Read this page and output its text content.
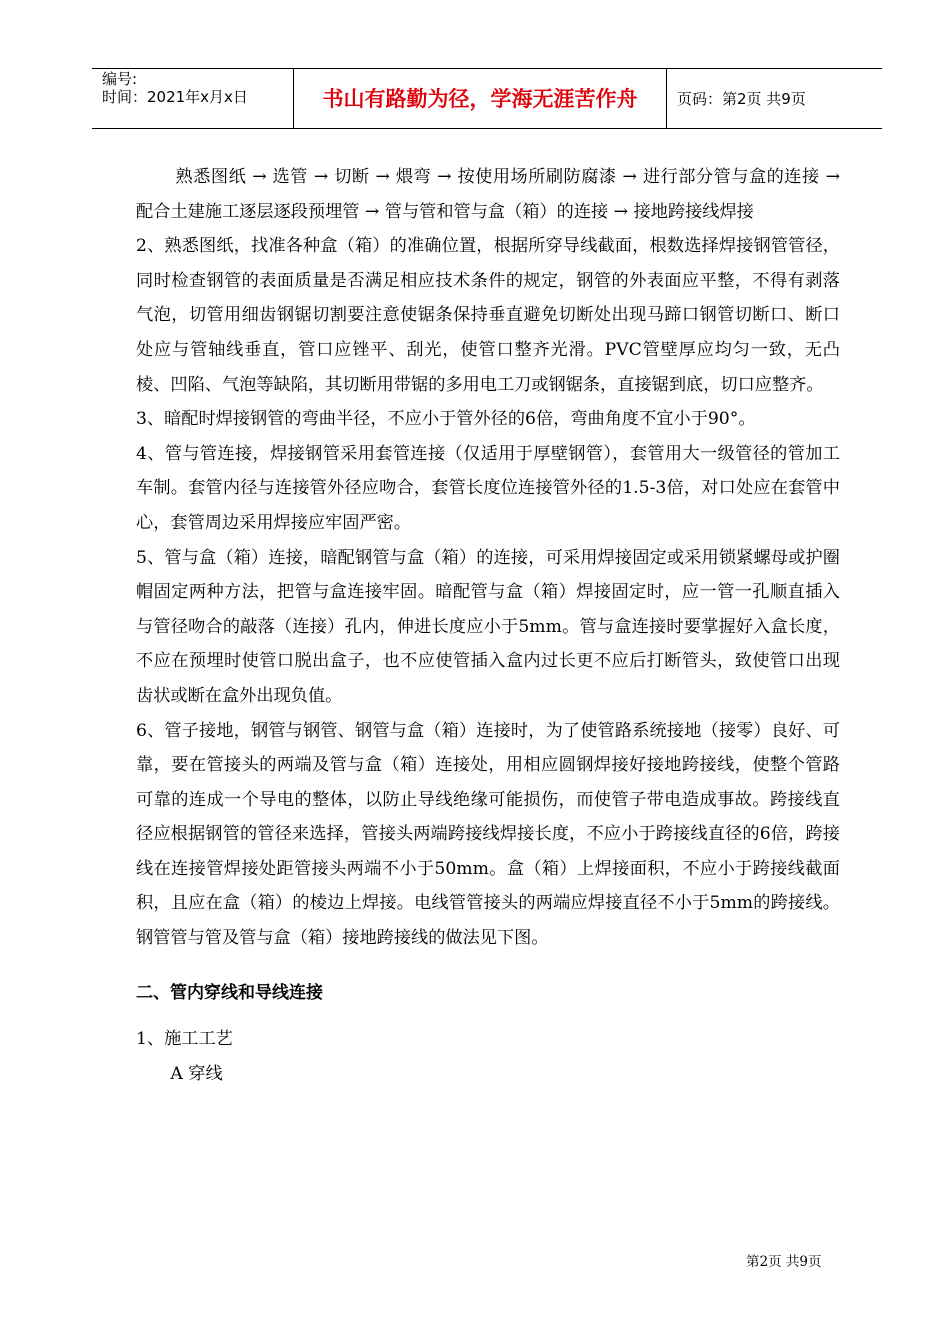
编号:
时间：2021年x月x日	书山有路勤为径，学海无涯苦作舟	页码：第2页 共9页

熟悉图纸 → 选管 → 切断 → 煨弯 → 按使用场所刷防腐漆 → 进行部分管与盒的连接 → 配合土建施工逐层逐段预埋管 → 管与管和管与盒（箱）的连接 → 接地跨接线焊接

2、熟悉图纸，找准各种盒（箱）的准确位置，根据所穿导线截面，根数选择焊接钢管管径，同时检查钢管的表面质量是否满足相应技术条件的规定，钢管的外表面应平整，不得有剥落气泡，切管用细齿钢锯切割要注意使锯条保持垂直避免切断处出现马蹄口钢管切断口、断口处应与管轴线垂直，管口应锉平、刮光，使管口整齐光滑。PVC管壁厚应均匀一致，无凸棱、凹陷、气泡等缺陷，其切断用带锯的多用电工刀或钢锯条，直接锯到底，切口应整齐。

3、暗配时焊接钢管的弯曲半径，不应小于管外径的6倍，弯曲角度不宜小于90°。

4、管与管连接，焊接钢管采用套管连接（仅适用于厚壁钢管），套管用大一级管径的管加工车制。套管内径与连接管外径应吻合，套管长度位连接管外径的1.5-3倍，对口处应在套管中心，套管周边采用焊接应牢固严密。

5、管与盒（箱）连接，暗配钢管与盒（箱）的连接，可采用焊接固定或采用锁紧螺母或护圈帽固定两种方法，把管与盒连接牢固。暗配管与盒（箱）焊接固定时，应一管一孔顺直插入与管径吻合的敲落（连接）孔内，伸进长度应小于5mm。管与盒连接时要掌握好入盒长度，不应在预埋时使管口脱出盒子，也不应使管插入盒内过长更不应后打断管头，致使管口出现齿状或断在盒外出现负值。

6、管子接地，钢管与钢管、钢管与盒（箱）连接时，为了使管路系统接地（接零）良好、可靠，要在管接头的两端及管与盒（箱）连接处，用相应圆钢焊接好接地跨接线，使整个管路可靠的连成一个导电的整体，以防止导线绝缘可能损伤，而使管子带电造成事故。跨接线直径应根据钢管的管径来选择，管接头两端跨接线焊接长度，不应小于跨接线直径的6倍，跨接线在连接管焊接处距管接头两端不小于50mm。盒（箱）上焊接面积，不应小于跨接线截面积，且应在盒（箱）的棱边上焊接。电线管管接头的两端应焊接直径不小于5mm的跨接线。钢管管与管及管与盒（箱）接地跨接线的做法见下图。

二、管内穿线和导线连接

1、施工工艺

A 穿线

第2页 共9页
